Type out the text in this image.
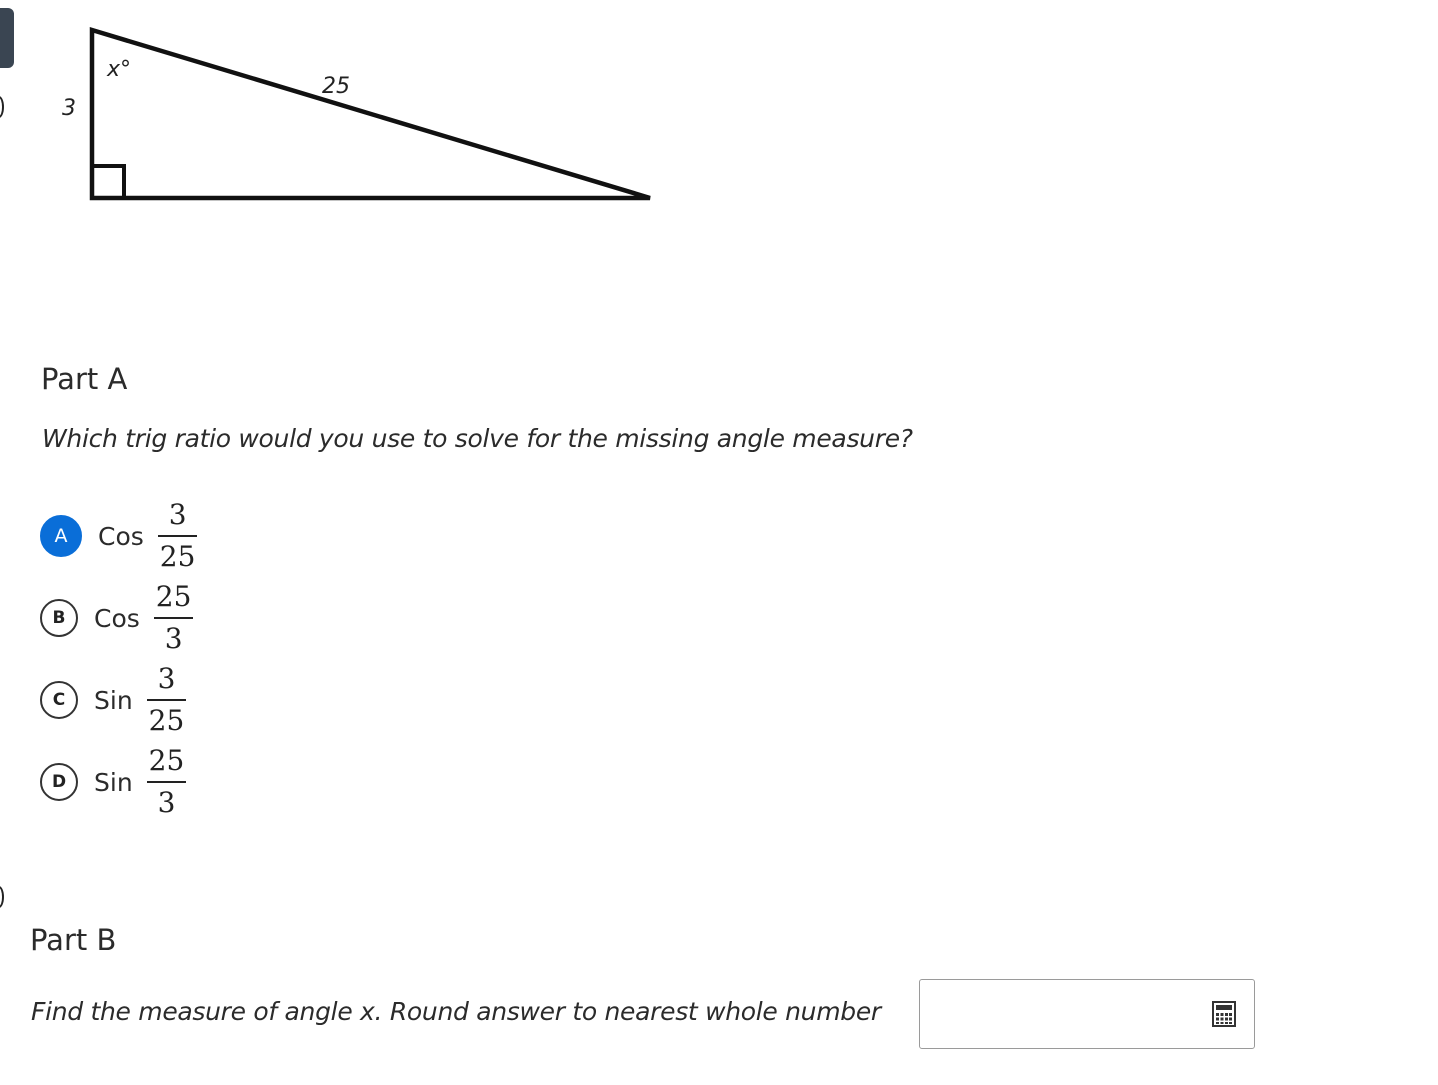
x°
25
3
Part A
Which trig ratio would you use to solve for the missing angle measure?
A	Cos $\frac{3}{25}$
B	Cos $\frac{25}{3}$
C	Sin $\frac{3}{25}$
D	Sin $\frac{25}{3}$
Part B
Find the measure of angle x. Round answer to nearest whole number
